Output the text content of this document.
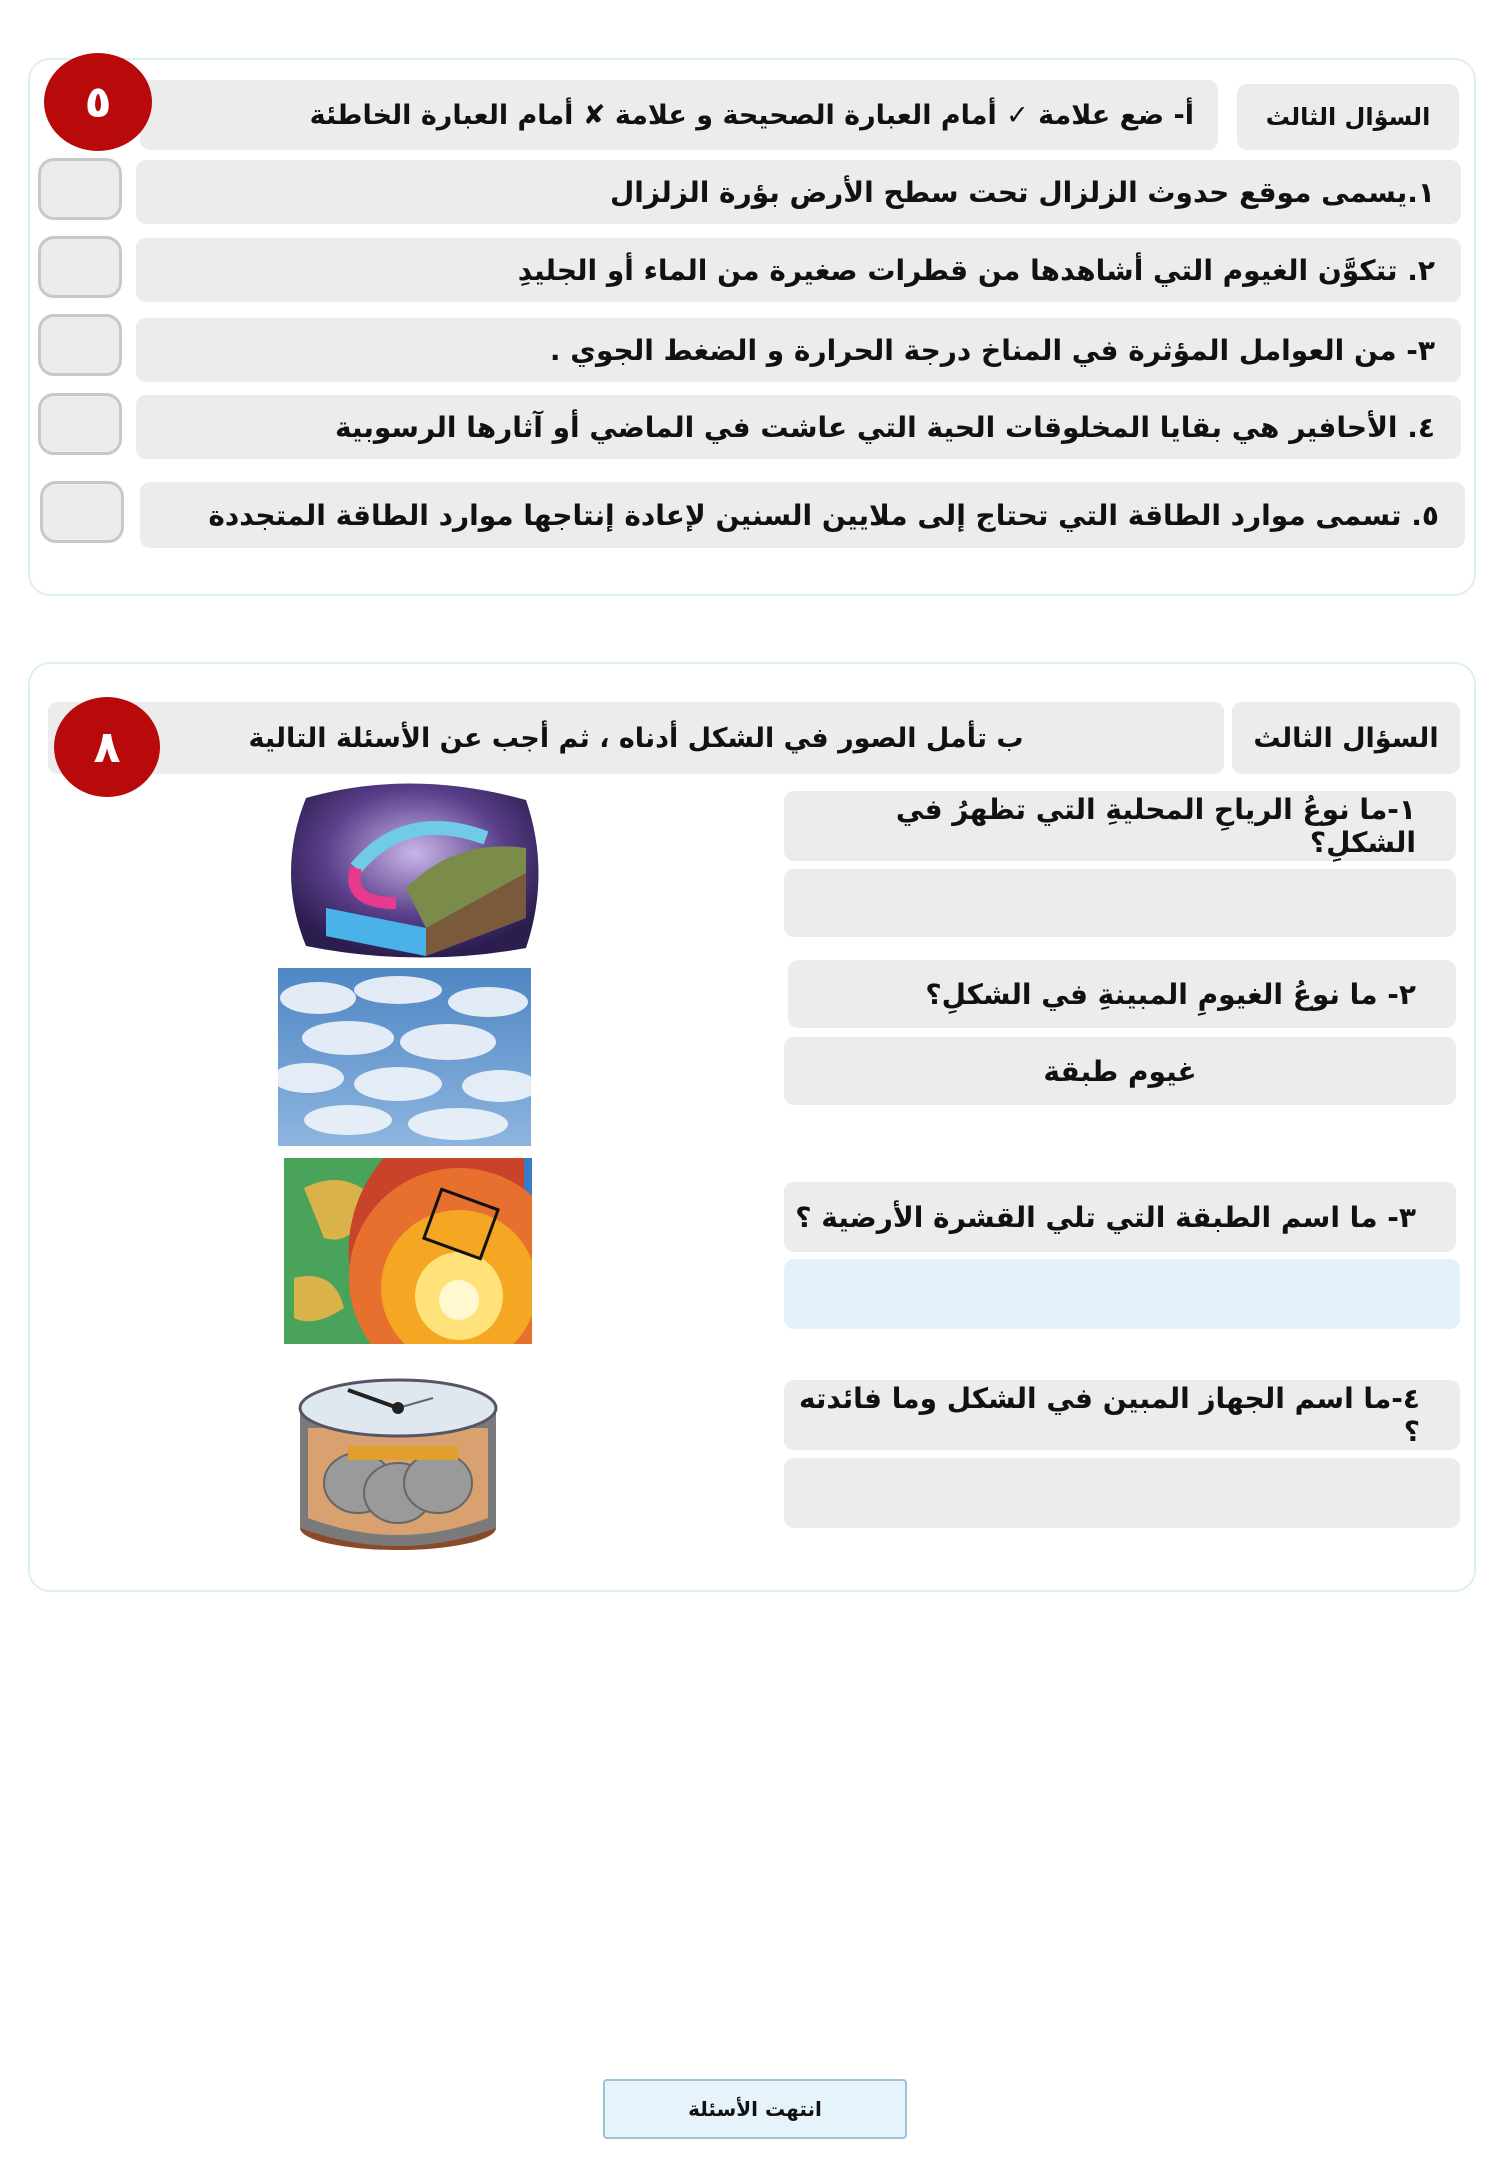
السؤال الثالث
أ- ضع علامة ✓ أمام العبارة الصحيحة و علامة ✘ أمام العبارة الخاطئة
٥
١.يسمى موقع حدوث الزلزال تحت سطح الأرض بؤرة الزلزال
٢. تتكوَّن الغيوم التي أشاهدها من قطرات صغيرة من الماء أو الجليدِ
٣- من العوامل المؤثرة في المناخ درجة الحرارة و الضغط الجوي .
٤. الأحافير هي بقايا المخلوقات الحية التي عاشت في الماضي أو آثارها الرسوبية
٥. تسمى موارد الطاقة التي تحتاج إلى ملايين السنين لإعادة إنتاجها موارد الطاقة المتجددة
السؤال الثالث
ب تأمل الصور في الشكل أدناه ، ثم أجب عن الأسئلة التالية
٨
١-ما نوعُ الرياحِ المحليةِ التي تظهرُ في الشكلِ؟
٢- ما نوعُ الغيومِ المبينةِ في الشكلِ؟
غيوم طبقة
٣- ما اسم الطبقة التي تلي القشرة الأرضية ؟
٤-ما اسم الجهاز المبين في الشكل وما فائدته ؟
انتهت الأسئلة
